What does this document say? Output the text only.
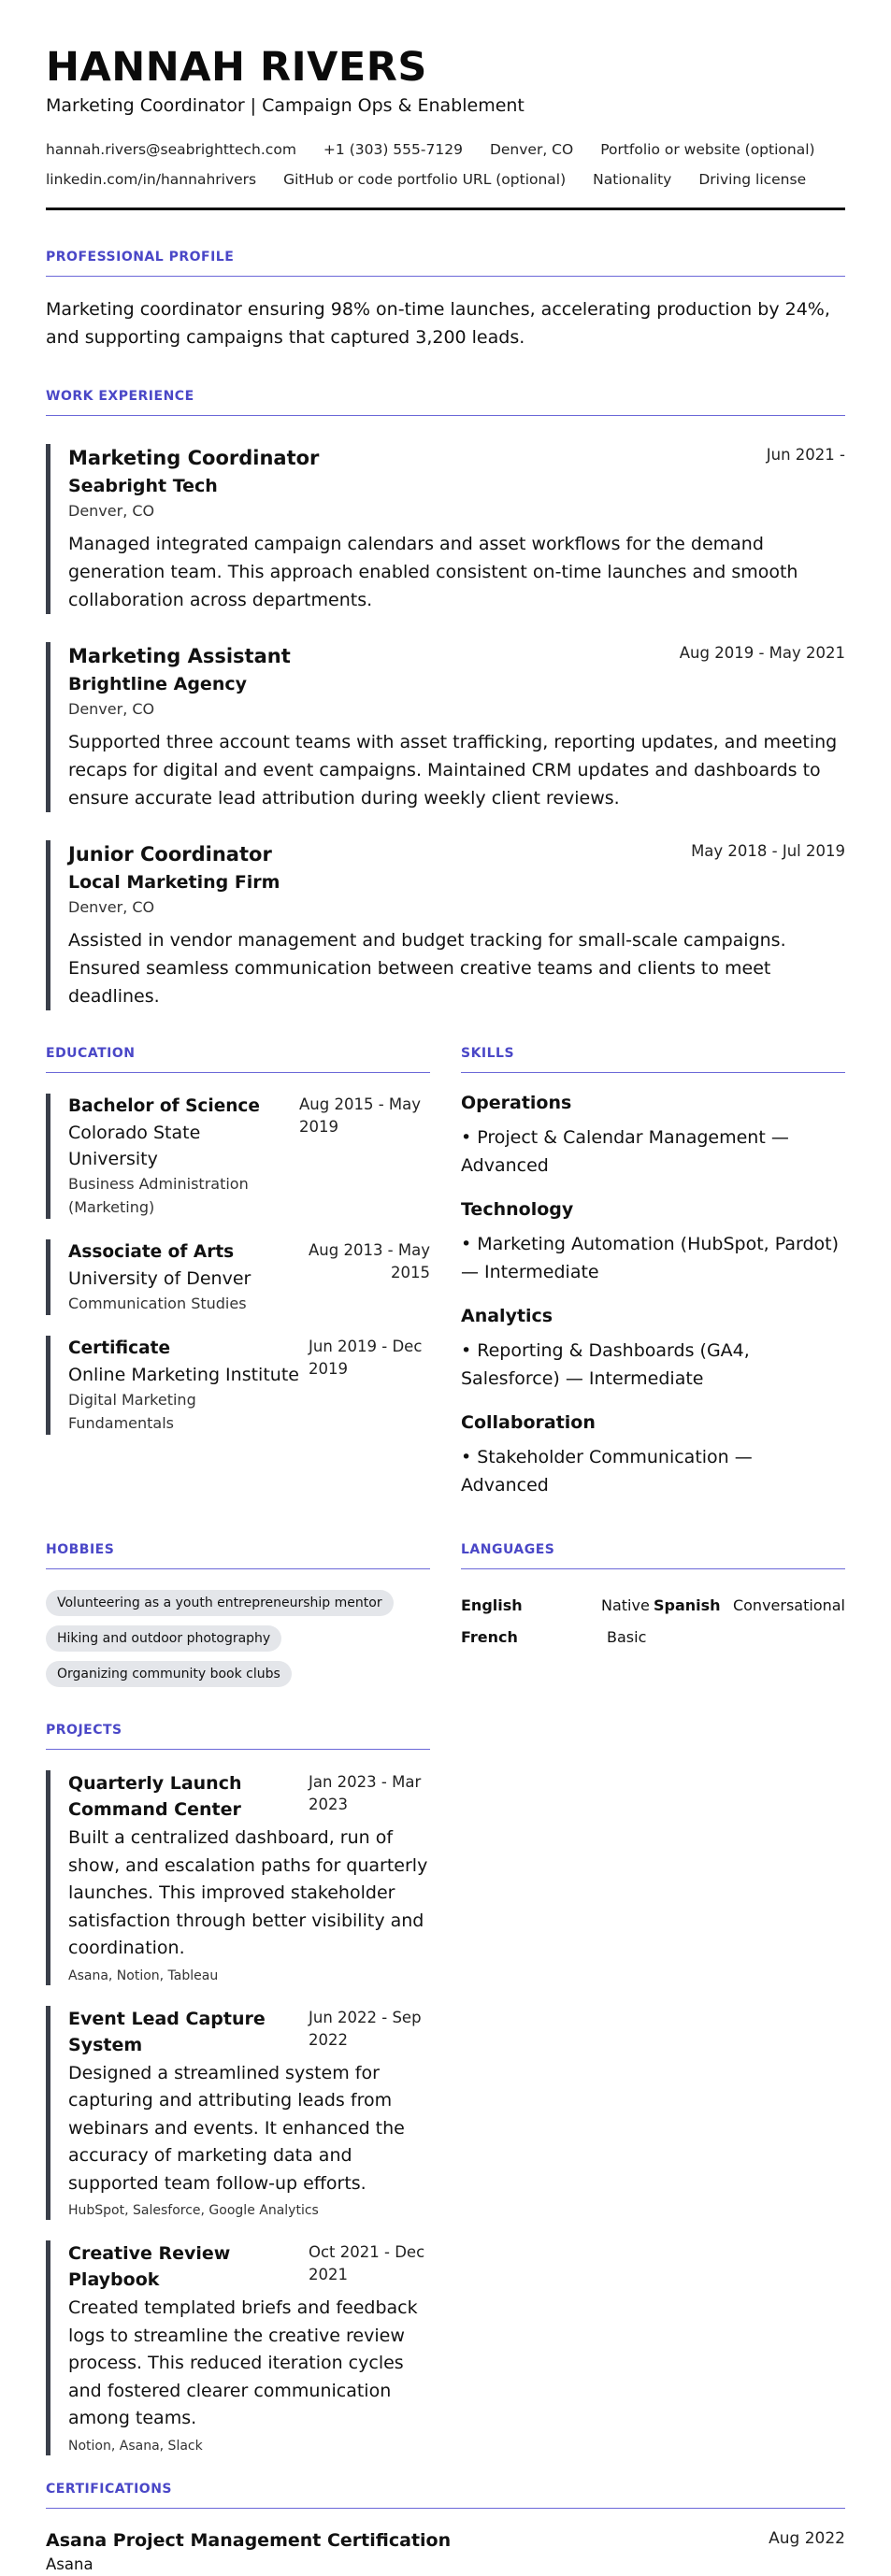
HANNAH RIVERS
Marketing Coordinator | Campaign Ops & Enablement
hannah.rivers@seabrighttech.com +1 (303) 555-7129 Denver, CO Portfolio or website (optional)
linkedin.com/in/hannahrivers GitHub or code portfolio URL (optional) Nationality Driving license
PROFESSIONAL PROFILE
Marketing coordinator ensuring 98% on-time launches, accelerating production by 24%, and supporting campaigns that captured 3,200 leads.
WORK EXPERIENCE
Marketing Coordinator	Jun 2021 -
Seabright Tech
Denver, CO
Managed integrated campaign calendars and asset workflows for the demand generation team. This approach enabled consistent on-time launches and smooth collaboration across departments.
Marketing Assistant	Aug 2019 - May 2021
Brightline Agency
Denver, CO
Supported three account teams with asset trafficking, reporting updates, and meeting recaps for digital and event campaigns. Maintained CRM updates and dashboards to ensure accurate lead attribution during weekly client reviews.
Junior Coordinator	May 2018 - Jul 2019
Local Marketing Firm
Denver, CO
Assisted in vendor management and budget tracking for small-scale campaigns. Ensured seamless communication between creative teams and clients to meet deadlines.
EDUCATION
Bachelor of Science
Colorado State University
Aug 2015 - May 2019
Business Administration (Marketing)
Associate of Arts
University of Denver
Aug 2013 - May 2015
Communication Studies
Certificate
Online Marketing Institute
Jun 2019 - Dec 2019
Digital Marketing Fundamentals
SKILLS
Operations
• Project & Calendar Management — Advanced
Technology
• Marketing Automation (HubSpot, Pardot) — Intermediate
Analytics
• Reporting & Dashboards (GA4, Salesforce) — Intermediate
Collaboration
• Stakeholder Communication — Advanced
HOBBIES
Volunteering as a youth entrepreneurship mentor
Hiking and outdoor photography
Organizing community book clubs
LANGUAGES
English	Native Spanish Conversational
French	Basic
PROJECTS
Quarterly Launch Command Center
Jan 2023 - Mar 2023
Built a centralized dashboard, run of show, and escalation paths for quarterly launches. This improved stakeholder satisfaction through better visibility and coordination.
Asana, Notion, Tableau
Event Lead Capture System
Jun 2022 - Sep 2022
Designed a streamlined system for capturing and attributing leads from webinars and events. It enhanced the accuracy of marketing data and supported team follow-up efforts.
HubSpot, Salesforce, Google Analytics
Creative Review Playbook
Oct 2021 - Dec 2021
Created templated briefs and feedback logs to streamline the creative review process. This reduced iteration cycles and fostered clearer communication among teams.
Notion, Asana, Slack
CERTIFICATIONS
Asana Project Management Certification
Asana
Aug 2022
